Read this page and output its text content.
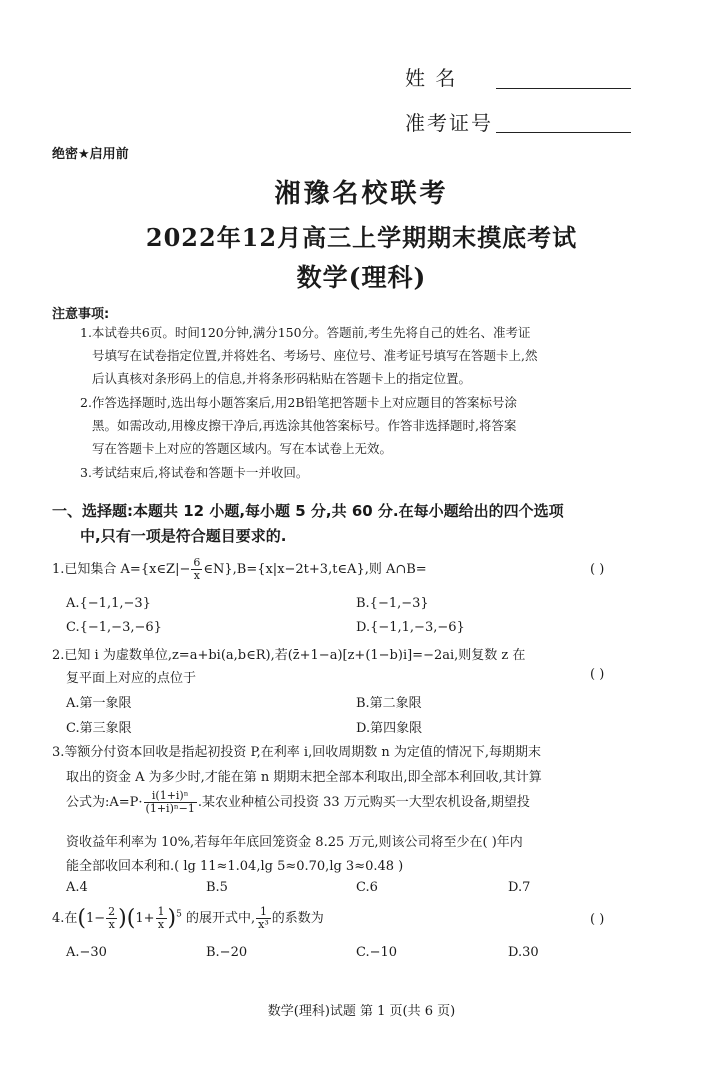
姓 名
准考证号
绝密★启用前
湘豫名校联考
2022年12月高三上学期期末摸底考试
数学(理科)
注意事项:
1.本试卷共6页。时间120分钟,满分150分。答题前,考生先将自己的姓名、准考证
号填写在试卷指定位置,并将姓名、考场号、座位号、准考证号填写在答题卡上,然
后认真核对条形码上的信息,并将条形码粘贴在答题卡上的指定位置。
2.作答选择题时,选出每小题答案后,用2B铅笔把答题卡上对应题目的答案标号涂
黑。如需改动,用橡皮擦干净后,再选涂其他答案标号。作答非选择题时,将答案
写在答题卡上对应的答题区域内。写在本试卷上无效。
3.考试结束后,将试卷和答题卡一并收回。
一、选择题:本题共 12 小题,每小题 5 分,共 60 分.在每小题给出的四个选项
中,只有一项是符合题目要求的.
1.已知集合 A={x∈Z|− $\frac{6}{x}$ ∈N},B={x|x−2t+3,t∈A},则 A∩B=	( )
A.{−1,1,−3}	B.{−1,−3}
C.{−1,−3,−6}	D.{−1,1,−3,−6}
2.已知 i 为虚数单位,z=a+bi(a,b∈R),若(z̄+1−a)[z+(1−b)i]=−2ai,则复数 z 在
复平面上对应的点位于	( )
A.第一象限	B.第二象限
C.第三象限	D.第四象限
3.等额分付资本回收是指起初投资 P,在利率 i,回收周期数 n 为定值的情况下,每期期末
取出的资金 A 为多少时,才能在第 n 期期末把全部本利取出,即全部本利回收,其计算
公式为:A=P· $\frac{\text{i(1+i)ⁿ}}{\text{(1+i)ⁿ−1}}$ .某农业种植公司投资 33 万元购买一大型农机设备,期望投
资收益年利率为 10%,若每年年底回笼资金 8.25 万元,则该公司将至少在( )年内
能全部收回本利和.( lg 11≈1.04,lg 5≈0.70,lg 3≈0.48 )
A.4	B.5	C.6	D.7
4.在$(1- \frac{2}{x} )(1+ \frac{1}{x} )^5$ 的展开式中, $\frac{1}{\text{x³}}$ 的系数为	( )
A.−30	B.−20	C.−10	D.30
数学(理科)试题 第 1 页(共 6 页)
